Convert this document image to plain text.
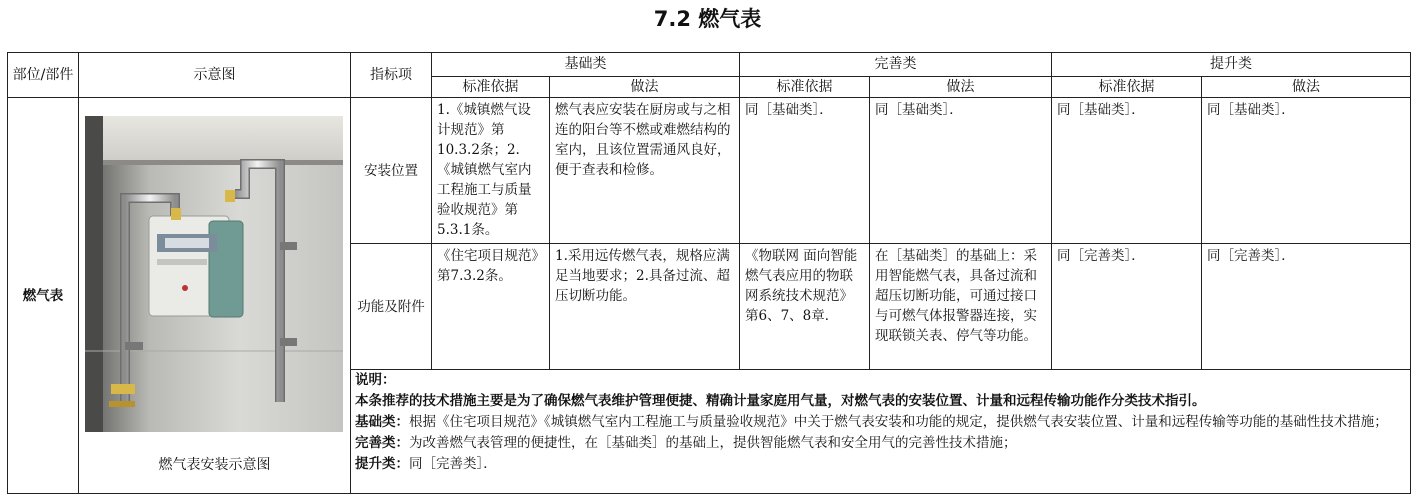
7.2 燃气表
部位/部件	示意图	指标项	基础类		完善类		提升类	
			标准依据	做法	标准依据	做法	标准依据	做法
燃气表	燃气表安装示意图	安装位置	1.《城镇燃气设计规范》第10.3.2条；2.《城镇燃气室内工程施工与质量验收规范》第5.3.1条。	燃气表应安装在厨房或与之相连的阳台等不燃或难燃结构的室内，且该位置需通风良好，便于查表和检修。	同［基础类］．	同［基础类］．	同［基础类］．	同［基础类］．
		功能及附件	《住宅项目规范》第7.3.2条。	1.采用远传燃气表，规格应满足当地要求；2.具备过流、超压切断功能。	《物联网 面向智能燃气表应用的物联网系统技术规范》第6、7、8章．	在［基础类］的基础上：采用智能燃气表，具备过流和超压切断功能，可通过接口与可燃气体报警器连接，实现联锁关表、停气等功能。	同［完善类］．	同［完善类］．

		说明：
本条推荐的技术措施主要是为了确保燃气表维护管理便捷、精确计量家庭用气量，对燃气表的安装位置、计量和远程传输功能作分类技术指引。
基础类：根据《住宅项目规范》《城镇燃气室内工程施工与质量验收规范》中关于燃气表安装和功能的规定，提供燃气表安装位置、计量和远程传输等功能的基础性技术措施；
完善类：为改善燃气表管理的便捷性，在［基础类］的基础上，提供智能燃气表和安全用气的完善性技术措施；
提升类：同［完善类］．						
